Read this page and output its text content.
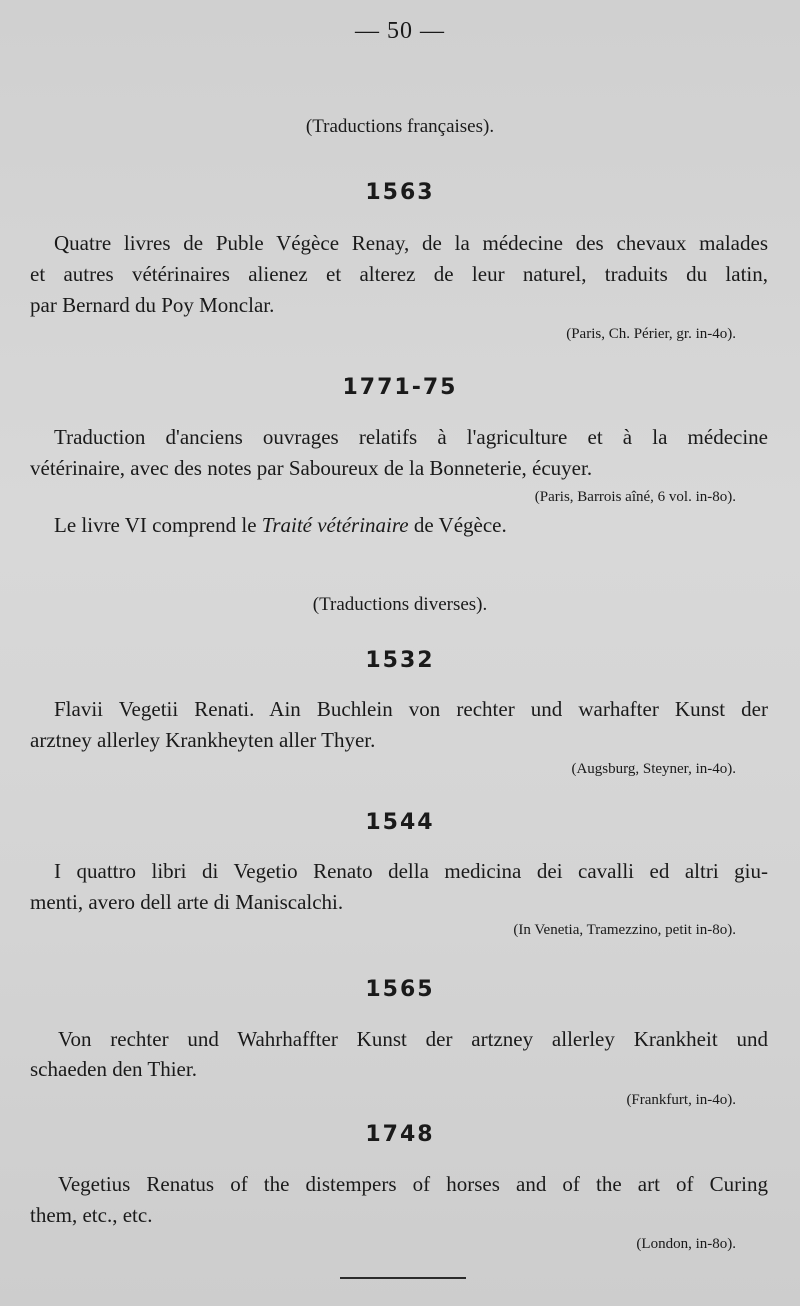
— 50 —
(Traductions françaises).
1563
Quatre livres de Puble Végèce Renay, de la médecine des chevaux malades
et autres vétérinaires alienez et alterez de leur naturel, traduits du latin,
par Bernard du Poy Monclar.
(Paris, Ch. Périer, gr. in-4o).
1771-75
Traduction d'anciens ouvrages relatifs à l'agriculture et à la médecine
vétérinaire, avec des notes par Saboureux de la Bonneterie, écuyer.
(Paris, Barrois aîné, 6 vol. in-8o).
Le livre VI comprend le Traité vétérinaire de Végèce.
(Traductions diverses).
1532
Flavii Vegetii Renati. Ain Buchlein von rechter und warhafter Kunst der
arztney allerley Krankheyten aller Thyer.
(Augsburg, Steyner, in-4o).
1544
I quattro libri di Vegetio Renato della medicina dei cavalli ed altri giu-
menti, avero dell arte di Maniscalchi.
(In Venetia, Tramezzino, petit in-8o).
1565
Von rechter und Wahrhaffter Kunst der artzney allerley Krankheit und
schaeden den Thier.
(Frankfurt, in-4o).
1748
Vegetius Renatus of the distempers of horses and of the art of Curing
them, etc., etc.
(London, in-8o).
